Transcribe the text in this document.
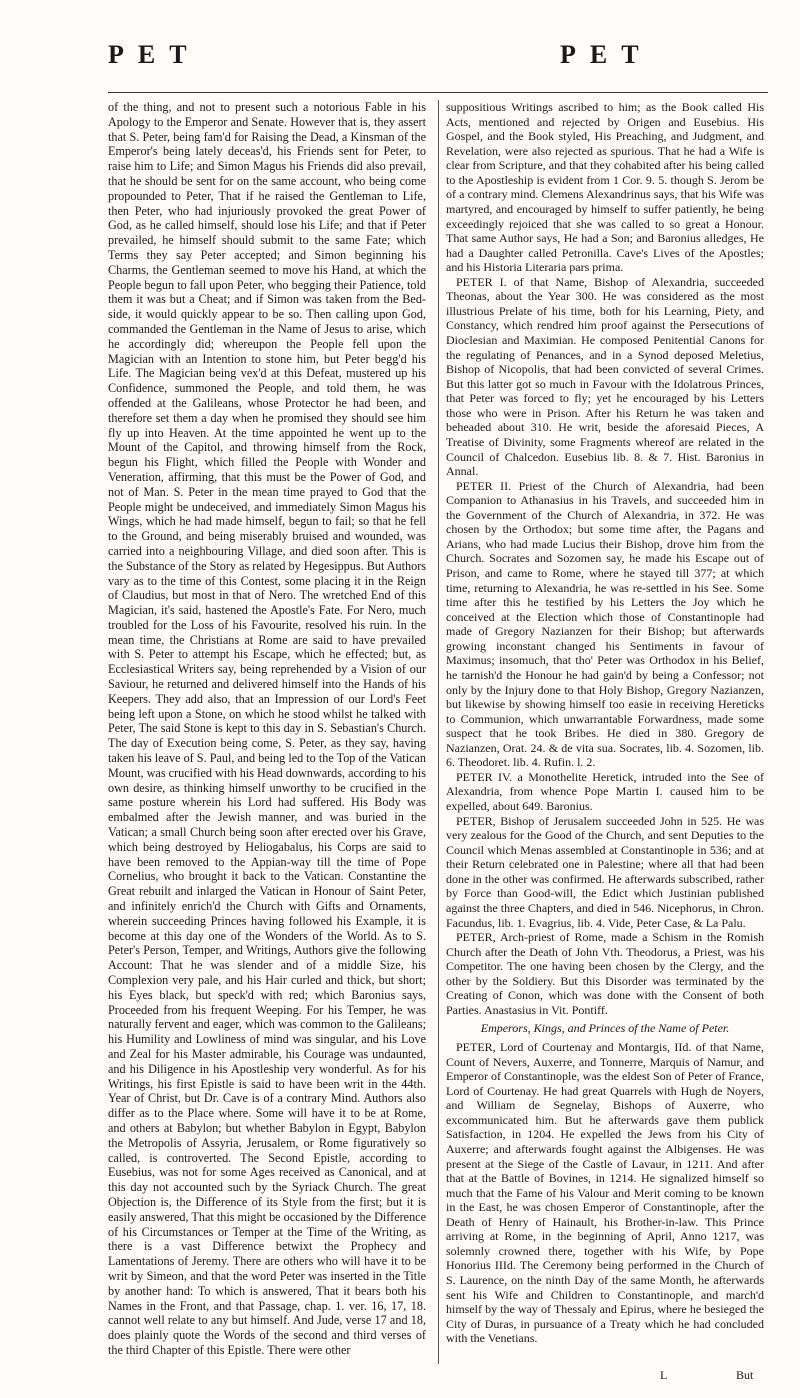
PET	PET

of the thing, and not to present such a notorious Fable in his Apology to the Emperor and Senate. However that is, they assert that S. Peter, being fam'd for Raising the Dead, a Kinsman of the Emperor's being lately deceas'd, his Friends sent for Peter, to raise him to Life; and Simon Magus his Friends did also prevail, that he should be sent for on the same account, who being come propounded to Peter, That if he raised the Gentleman to Life, then Peter, who had injuriously provoked the great Power of God, as he called himself, should lose his Life; and that if Peter prevailed, he himself should submit to the same Fate; which Terms they say Peter accepted; and Simon beginning his Charms, the Gentleman seemed to move his Hand, at which the People begun to fall upon Peter, who begging their Patience, told them it was but a Cheat; and if Simon was taken from the Bed-side, it would quickly appear to be so. Then calling upon God, commanded the Gentleman in the Name of Jesus to arise, which he accordingly did; whereupon the People fell upon the Magician with an Intention to stone him, but Peter begg'd his Life. The Magician being vex'd at this Defeat, mustered up his Confidence, summoned the People, and told them, he was offended at the Galileans, whose Protector he had been, and therefore set them a day when he promised they should see him fly up into Heaven. At the time appointed he went up to the Mount of the Capitol, and throwing himself from the Rock, begun his Flight, which filled the People with Wonder and Veneration, affirming, that this must be the Power of God, and not of Man. S. Peter in the mean time prayed to God that the People might be undeceived, and immediately Simon Magus his Wings, which he had made himself, begun to fail; so that he fell to the Ground, and being miserably bruised and wounded, was carried into a neighbouring Village, and died soon after. This is the Substance of the Story as related by Hegesippus. But Authors vary as to the time of this Contest, some placing it in the Reign of Claudius, but most in that of Nero. The wretched End of this Magician, it's said, hastened the Apostle's Fate. For Nero, much troubled for the Loss of his Favourite, resolved his ruin. In the mean time, the Christians at Rome are said to have prevailed with S. Peter to attempt his Escape, which he effected; but, as Ecclesiastical Writers say, being reprehended by a Vision of our Saviour, he returned and delivered himself into the Hands of his Keepers. They add also, that an Impression of our Lord's Feet being left upon a Stone, on which he stood whilst he talked with Peter, The said Stone is kept to this day in S. Sebastian's Church. The day of Execution being come, S. Peter, as they say, having taken his leave of S. Paul, and being led to the Top of the Vatican Mount, was crucified with his Head downwards, according to his own desire, as thinking himself unworthy to be crucified in the same posture wherein his Lord had suffered. His Body was embalmed after the Jewish manner, and was buried in the Vatican; a small Church being soon after erected over his Grave, which being destroyed by Heliogabalus, his Corps are said to have been removed to the Appian-way till the time of Pope Cornelius, who brought it back to the Vatican. Constantine the Great rebuilt and inlarged the Vatican in Honour of Saint Peter, and infinitely enrich'd the Church with Gifts and Ornaments, wherein succeeding Princes having followed his Example, it is become at this day one of the Wonders of the World. As to S. Peter's Person, Temper, and Writings, Authors give the following Account: That he was slender and of a middle Size, his Complexion very pale, and his Hair curled and thick, but short; his Eyes black, but speck'd with red; which Baronius says, Proceeded from his frequent Weeping. For his Temper, he was naturally fervent and eager, which was common to the Galileans; his Humility and Lowliness of mind was singular, and his Love and Zeal for his Master admirable, his Courage was undaunted, and his Diligence in his Apostleship very wonderful. As for his Writings, his first Epistle is said to have been writ in the 44th. Year of Christ, but Dr. Cave is of a contrary Mind. Authors also differ as to the Place where. Some will have it to be at Rome, and others at Babylon; but whether Babylon in Egypt, Babylon the Metropolis of Assyria, Jerusalem, or Rome figuratively so called, is controverted. The Second Epistle, according to Eusebius, was not for some Ages received as Canonical, and at this day not accounted such by the Syriack Church. The great Objection is, the Difference of its Style from the first; but it is easily answered, That this might be occasioned by the Difference of his Circumstances or Temper at the Time of the Writing, as there is a vast Difference betwixt the Prophecy and Lamentations of Jeremy. There are others who will have it to be writ by Simeon, and that the word Peter was inserted in the Title by another hand: To which is answered, That it bears both his Names in the Front, and that Passage, chap. 1. ver. 16, 17, 18. cannot well relate to any but himself. And Jude, verse 17 and 18, does plainly quote the Words of the second and third verses of the third Chapter of this Epistle. There were other

suppositious Writings ascribed to him; as the Book called His Acts, mentioned and rejected by Origen and Eusebius. His Gospel, and the Book styled, His Preaching, and Judgment, and Revelation, were also rejected as spurious. That he had a Wife is clear from Scripture, and that they cohabited after his being called to the Apostleship is evident from 1 Cor. 9. 5. though S. Jerom be of a contrary mind. Clemens Alexandrinus says, that his Wife was martyred, and encouraged by himself to suffer patiently, he being exceedingly rejoiced that she was called to so great a Honour. That same Author says, He had a Son; and Baronius alledges, He had a Daughter called Petronilla. Cave's Lives of the Apostles; and his Historia Literaria pars prima.

PETER I. of that Name, Bishop of Alexandria, succeeded Theonas, about the Year 300. He was considered as the most illustrious Prelate of his time, both for his Learning, Piety, and Constancy, which rendred him proof against the Persecutions of Dioclesian and Maximian. He composed Penitential Canons for the regulating of Penances, and in a Synod deposed Meletius, Bishop of Nicopolis, that had been convicted of several Crimes. But this latter got so much in Favour with the Idolatrous Princes, that Peter was forced to fly; yet he encouraged by his Letters those who were in Prison. After his Return he was taken and beheaded about 310. He writ, beside the aforesaid Pieces, A Treatise of Divinity, some Fragments whereof are related in the Council of Chalcedon. Eusebius lib. 8. & 7. Hist. Baronius in Annal.

PETER II. Priest of the Church of Alexandria, had been Companion to Athanasius in his Travels, and succeeded him in the Government of the Church of Alexandria, in 372. He was chosen by the Orthodox; but some time after, the Pagans and Arians, who had made Lucius their Bishop, drove him from the Church. Socrates and Sozomen say, he made his Escape out of Prison, and came to Rome, where he stayed till 377; at which time, returning to Alexandria, he was re-settled in his See. Some time after this he testified by his Letters the Joy which he conceived at the Election which those of Constantinople had made of Gregory Nazianzen for their Bishop; but afterwards growing inconstant changed his Sentiments in favour of Maximus; insomuch, that tho' Peter was Orthodox in his Belief, he tarnish'd the Honour he had gain'd by being a Confessor; not only by the Injury done to that Holy Bishop, Gregory Nazianzen, but likewise by showing himself too easie in receiving Hereticks to Communion, which unwarrantable Forwardness, made some suspect that he took Bribes. He died in 380. Gregory de Nazianzen, Orat. 24. & de vita sua. Socrates, lib. 4. Sozomen, lib. 6. Theodoret. lib. 4. Rufin. l. 2.

PETER IV. a Monothelite Heretick, intruded into the See of Alexandria, from whence Pope Martin I. caused him to be expelled, about 649. Baronius.

PETER, Bishop of Jerusalem succeeded John in 525. He was very zealous for the Good of the Church, and sent Deputies to the Council which Menas assembled at Constantinople in 536; and at their Return celebrated one in Palestine; where all that had been done in the other was confirmed. He afterwards subscribed, rather by Force than Good-will, the Edict which Justinian published against the three Chapters, and died in 546. Nicephorus, in Chron. Facundus, lib. 1. Evagrius, lib. 4. Vide, Peter Case, & La Palu.

PETER, Arch-priest of Rome, made a Schism in the Romish Church after the Death of John Vth. Theodorus, a Priest, was his Competitor. The one having been chosen by the Clergy, and the other by the Soldiery. But this Disorder was terminated by the Creating of Conon, which was done with the Consent of both Parties. Anastasius in Vit. Pontiff.

Emperors, Kings, and Princes of the Name of Peter.

PETER, Lord of Courtenay and Montargis, IId. of that Name, Count of Nevers, Auxerre, and Tonnerre, Marquis of Namur, and Emperor of Constantinople, was the eldest Son of Peter of France, Lord of Courtenay. He had great Quarrels with Hugh de Noyers, and William de Segnelay, Bishops of Auxerre, who excommunicated him. But he afterwards gave them publick Satisfaction, in 1204. He expelled the Jews from his City of Auxerre; and afterwards fought against the Albigenses. He was present at the Siege of the Castle of Lavaur, in 1211. And after that at the Battle of Bovines, in 1214. He signalized himself so much that the Fame of his Valour and Merit coming to be known in the East, he was chosen Emperor of Constantinople, after the Death of Henry of Hainault, his Brother-in-law. This Prince arriving at Rome, in the beginning of April, Anno 1217, was solemnly crowned there, together with his Wife, by Pope Honorius IIId. The Ceremony being performed in the Church of S. Laurence, on the ninth Day of the same Month, he afterwards sent his Wife and Children to Constantinople, and march'd himself by the way of Thessaly and Epirus, where he besieged the City of Duras, in pursuance of a Treaty which he had concluded with the Venetians.

L	But
